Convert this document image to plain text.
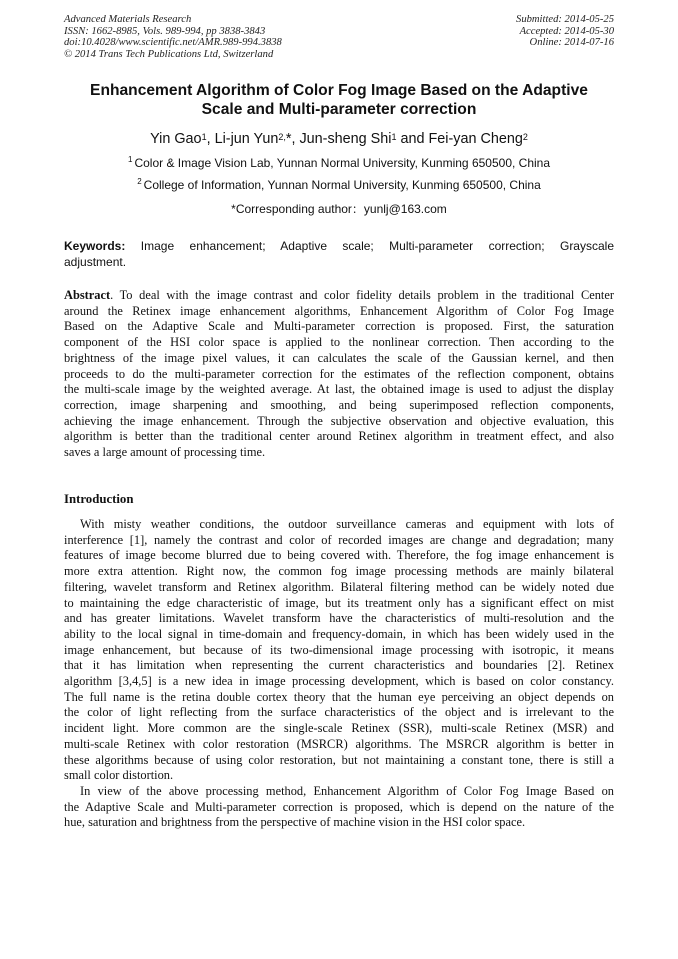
Advanced Materials Research
ISSN: 1662-8985, Vols. 989-994, pp 3838-3843
doi:10.4028/www.scientific.net/AMR.989-994.3838
© 2014 Trans Tech Publications Ltd, Switzerland
Submitted: 2014-05-25
Accepted: 2014-05-30
Online: 2014-07-16
Enhancement Algorithm of Color Fog Image Based on the Adaptive
Scale and Multi-parameter correction
Yin Gao$^1$, Li-jun Yun$^{2,}$*, Jun-sheng Shi$^1$ and Fei-yan Cheng$^2$
$^1$ Color & Image Vision Lab, Yunnan Normal University, Kunming 650500, China
$^2$ College of Information, Yunnan Normal University, Kunming 650500, China
*Corresponding author：yunlj@163.com
Keywords: Image enhancement; Adaptive scale; Multi-parameter correction; Grayscale
adjustment.
Abstract. To deal with the image contrast and color fidelity details problem in the traditional Center
around the Retinex image enhancement algorithms, Enhancement Algorithm of Color Fog Image
Based on the Adaptive Scale and Multi-parameter correction is proposed. First, the saturation
component of the HSI color space is applied to the nonlinear correction. Then according to the
brightness of the image pixel values, it can calculates the scale of the Gaussian kernel, and then
proceeds to do the multi-parameter correction for the estimates of the reflection component, obtains
the multi-scale image by the weighted average. At last, the obtained image is used to adjust the display
correction, image sharpening and smoothing, and being superimposed reflection components,
achieving the image enhancement. Through the subjective observation and objective evaluation, this
algorithm is better than the traditional center around Retinex algorithm in treatment effect, and also
saves a large amount of processing time.
Introduction
With misty weather conditions, the outdoor surveillance cameras and equipment with lots of
interference [1], namely the contrast and color of recorded images are change and degradation; many
features of image become blurred due to being covered with. Therefore, the fog image enhancement is
more extra attention. Right now, the common fog image processing methods are mainly bilateral
filtering, wavelet transform and Retinex algorithm. Bilateral filtering method can be widely noted due
to maintaining the edge characteristic of image, but its treatment only has a significant effect on mist
and has greater limitations. Wavelet transform have the characteristics of multi-resolution and the
ability to the local signal in time-domain and frequency-domain, in which has been widely used in the
image enhancement, but because of its two-dimensional image processing with isotropic, it means
that it has limitation when representing the current characteristics and boundaries [2]. Retinex
algorithm [3,4,5] is a new idea in image processing development, which is based on color constancy.
The full name is the retina double cortex theory that the human eye perceiving an object depends on
the color of light reflecting from the surface characteristics of the object and is irrelevant to the
incident light. More common are the single-scale Retinex (SSR), multi-scale Retinex (MSR) and
multi-scale Retinex with color restoration (MSRCR) algorithms. The MSRCR algorithm is better in
these algorithms because of using color restoration, but not maintaining a constant tone, there is still a
small color distortion.
In view of the above processing method, Enhancement Algorithm of Color Fog Image Based on
the Adaptive Scale and Multi-parameter correction is proposed, which is depend on the nature of the
hue, saturation and brightness from the perspective of machine vision in the HSI color space.
